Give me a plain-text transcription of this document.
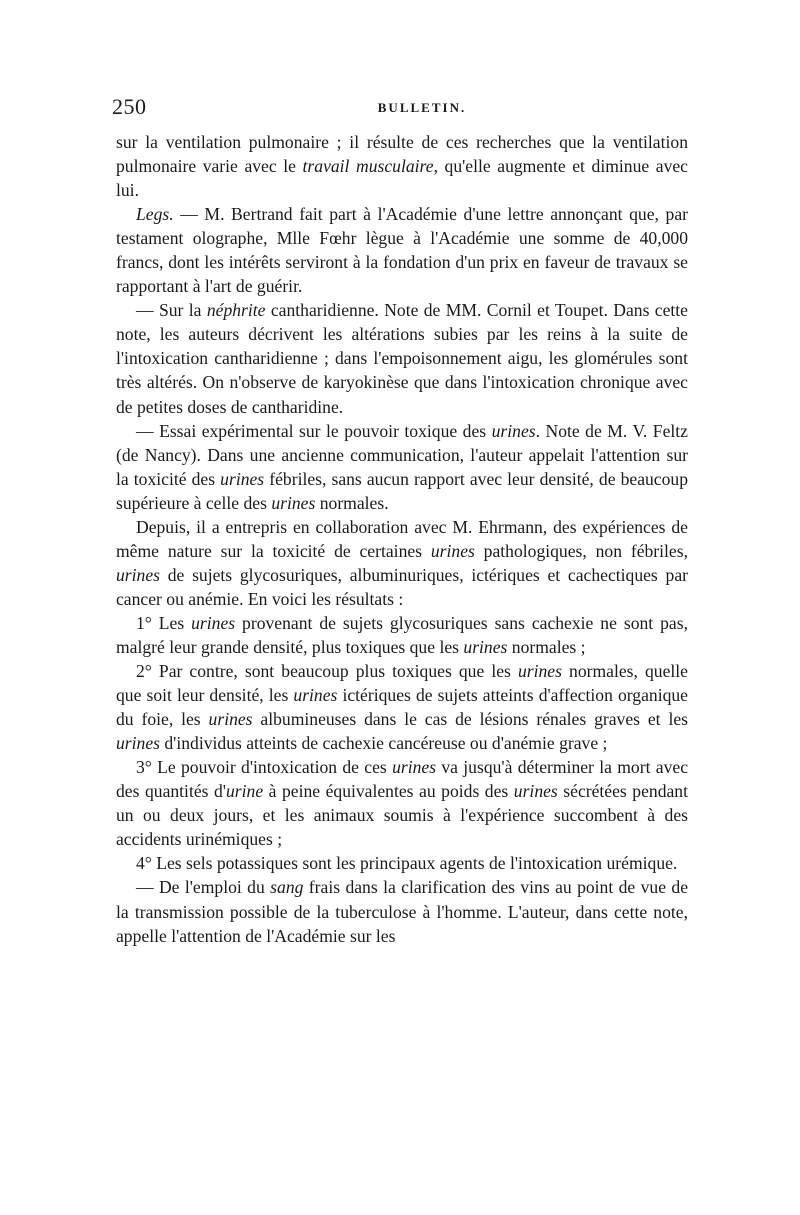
250	BULLETIN.

sur la ventilation pulmonaire ; il résulte de ces recherches que la ventilation pulmonaire varie avec le travail musculaire, qu'elle augmente et diminue avec lui.

Legs. — M. Bertrand fait part à l'Académie d'une lettre annonçant que, par testament olographe, Mlle Fœhr lègue à l'Académie une somme de 40,000 francs, dont les intérêts serviront à la fondation d'un prix en faveur de travaux se rapportant à l'art de guérir.

— Sur la néphrite cantharidienne. Note de MM. Cornil et Toupet. Dans cette note, les auteurs décrivent les altérations subies par les reins à la suite de l'intoxication cantharidienne ; dans l'empoisonnement aigu, les glomérules sont très altérés. On n'observe de karyokinèse que dans l'intoxication chronique avec de petites doses de cantharidine.

— Essai expérimental sur le pouvoir toxique des urines. Note de M. V. Feltz (de Nancy). Dans une ancienne communication, l'auteur appelait l'attention sur la toxicité des urines fébriles, sans aucun rapport avec leur densité, de beaucoup supérieure à celle des urines normales.

Depuis, il a entrepris en collaboration avec M. Ehrmann, des expériences de même nature sur la toxicité de certaines urines pathologiques, non fébriles, urines de sujets glycosuriques, albuminuriques, ictériques et cachectiques par cancer ou anémie. En voici les résultats :

1° Les urines provenant de sujets glycosuriques sans cachexie ne sont pas, malgré leur grande densité, plus toxiques que les urines normales ;

2° Par contre, sont beaucoup plus toxiques que les urines normales, quelle que soit leur densité, les urines ictériques de sujets atteints d'affection organique du foie, les urines albumineuses dans le cas de lésions rénales graves et les urines d'individus atteints de cachexie cancéreuse ou d'anémie grave ;

3° Le pouvoir d'intoxication de ces urines va jusqu'à déterminer la mort avec des quantités d'urine à peine équivalentes au poids des urines sécrétées pendant un ou deux jours, et les animaux soumis à l'expérience succombent à des accidents urinémiques ;

4° Les sels potassiques sont les principaux agents de l'intoxication urémique.

— De l'emploi du sang frais dans la clarification des vins au point de vue de la transmission possible de la tuberculose à l'homme. L'auteur, dans cette note, appelle l'attention de l'Académie sur les
